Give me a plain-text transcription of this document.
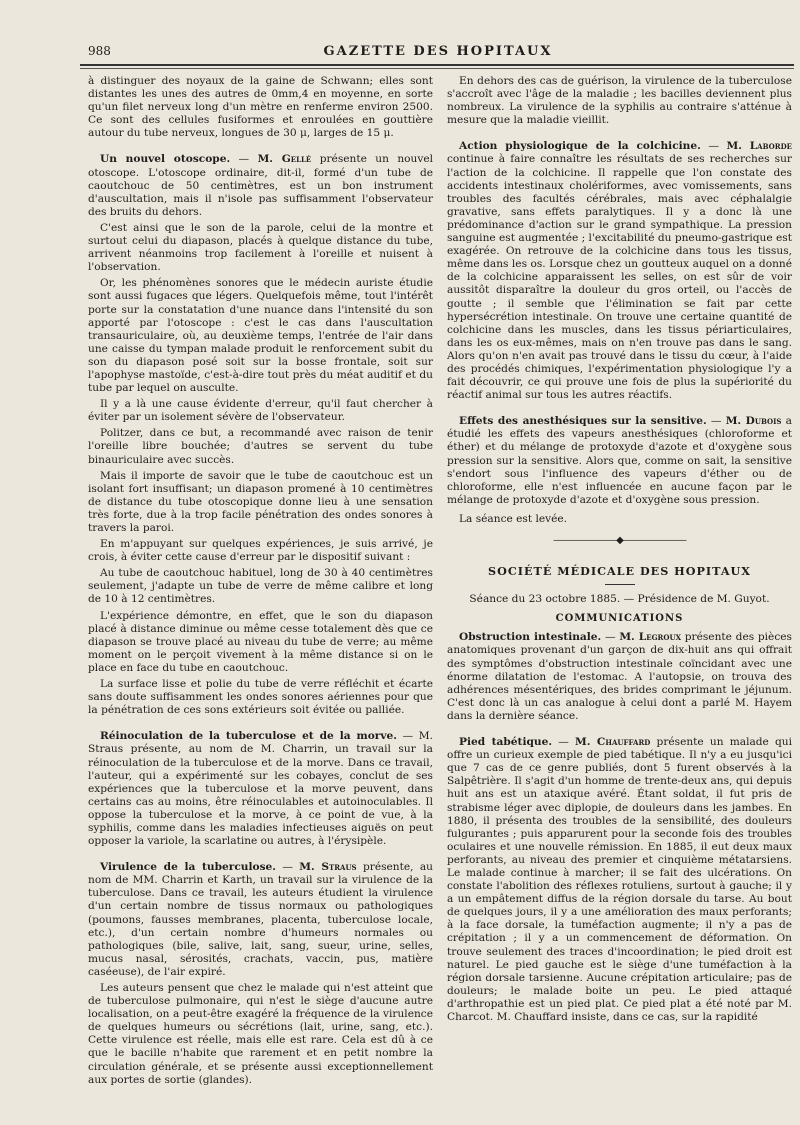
988	GAZETTE DES HOPITAUX

à distinguer des noyaux de la gaine de Schwann; elles sont distantes les unes des autres de 0mm,4 en moyenne, en sorte qu'un filet nerveux long d'un mètre en renferme environ 2500. Ce sont des cellules fusiformes et enroulées en gouttière autour du tube nerveux, longues de 30 μ, larges de 15 μ.

Un nouvel otoscope. — M. Gellé présente un nouvel otoscope. L'otoscope ordinaire, dit-il, formé d'un tube de caoutchouc de 50 centimètres, est un bon instrument d'auscultation, mais il n'isole pas suffisamment l'observateur des bruits du dehors.

C'est ainsi que le son de la parole, celui de la montre et surtout celui du diapason, placés à quelque distance du tube, arrivent néanmoins trop facilement à l'oreille et nuisent à l'observation.

Or, les phénomènes sonores que le médecin auriste étudie sont aussi fugaces que légers. Quelquefois même, tout l'intérêt porte sur la constatation d'une nuance dans l'intensité du son apporté par l'otoscope : c'est le cas dans l'auscultation transauriculaire, où, au deuxième temps, l'entrée de l'air dans une caisse du tympan malade produit le renforcement subit du son du diapason posé soit sur la bosse frontale, soit sur l'apophyse mastoïde, c'est-à-dire tout près du méat auditif et du tube par lequel on ausculte.

Il y a là une cause évidente d'erreur, qu'il faut chercher à éviter par un isolement sévère de l'observateur.

Politzer, dans ce but, a recommandé avec raison de tenir l'oreille libre bouchée; d'autres se servent du tube binauriculaire avec succès.

Mais il importe de savoir que le tube de caoutchouc est un isolant fort insuffisant; un diapason promené à 10 centimètres de distance du tube otoscopique donne lieu à une sensation très forte, due à la trop facile pénétration des ondes sonores à travers la paroi.

En m'appuyant sur quelques expériences, je suis arrivé, je crois, à éviter cette cause d'erreur par le dispositif suivant :

Au tube de caoutchouc habituel, long de 30 à 40 centimètres seulement, j'adapte un tube de verre de même calibre et long de 10 à 12 centimètres.

L'expérience démontre, en effet, que le son du diapason placé à distance diminue ou même cesse totalement dès que ce diapason se trouve placé au niveau du tube de verre; au même moment on le perçoit vivement à la même distance si on le place en face du tube en caoutchouc.

La surface lisse et polie du tube de verre réfléchit et écarte sans doute suffisamment les ondes sonores aériennes pour que la pénétration de ces sons extérieurs soit évitée ou palliée.

Réinoculation de la tuberculose et de la morve. — M. Straus présente, au nom de M. Charrin, un travail sur la réinoculation de la tuberculose et de la morve. Dans ce travail, l'auteur, qui a expérimenté sur les cobayes, conclut de ses expériences que la tuberculose et la morve peuvent, dans certains cas au moins, être réinoculables et autoinoculables. Il oppose la tuberculose et la morve, à ce point de vue, à la syphilis, comme dans les maladies infectieuses aiguës on peut opposer la variole, la scarlatine ou autres, à l'érysipèle.

Virulence de la tuberculose. — M. Straus présente, au nom de MM. Charrin et Karth, un travail sur la virulence de la tuberculose. Dans ce travail, les auteurs étudient la virulence d'un certain nombre de tissus normaux ou pathologiques (poumons, fausses membranes, placenta, tuberculose locale, etc.), d'un certain nombre d'humeurs normales ou pathologiques (bile, salive, lait, sang, sueur, urine, selles, mucus nasal, sérosités, crachats, vaccin, pus, matière caséeuse), de l'air expiré.

Les auteurs pensent que chez le malade qui n'est atteint que de tuberculose pulmonaire, qui n'est le siège d'aucune autre localisation, on a peut-être exagéré la fréquence de la virulence de quelques humeurs ou sécrétions (lait, urine, sang, etc.). Cette virulence est réelle, mais elle est rare. Cela est dû à ce que le bacille n'habite que rarement et en petit nombre la circulation générale, et se présente aussi exceptionnellement aux portes de sortie (glandes).

En dehors des cas de guérison, la virulence de la tuberculose s'accroît avec l'âge de la maladie ; les bacilles deviennent plus nombreux. La virulence de la syphilis au contraire s'atténue à mesure que la maladie vieillit.

Action physiologique de la colchicine. — M. Laborde continue à faire connaître les résultats de ses recherches sur l'action de la colchicine. Il rappelle que l'on constate des accidents intestinaux cholériformes, avec vomissements, sans troubles des facultés cérébrales, mais avec céphalalgie gravative, sans effets paralytiques. Il y a donc là une prédominance d'action sur le grand sympathique. La pression sanguine est augmentée ; l'excitabilité du pneumo-gastrique est exagérée. On retrouve de la colchicine dans tous les tissus, même dans les os. Lorsque chez un goutteux auquel on a donné de la colchicine apparaissent les selles, on est sûr de voir aussitôt disparaître la douleur du gros orteil, ou l'accès de goutte ; il semble que l'élimination se fait par cette hypersécrétion intestinale. On trouve une certaine quantité de colchicine dans les muscles, dans les tissus périarticulaires, dans les os eux-mêmes, mais on n'en trouve pas dans le sang. Alors qu'on n'en avait pas trouvé dans le tissu du cœur, à l'aide des procédés chimiques, l'expérimentation physiologique l'y a fait découvrir, ce qui prouve une fois de plus la supériorité du réactif animal sur tous les autres réactifs.

Effets des anesthésiques sur la sensitive. — M. Dubois a étudié les effets des vapeurs anesthésiques (chloroforme et éther) et du mélange de protoxyde d'azote et d'oxygène sous pression sur la sensitive. Alors que, comme on sait, la sensitive s'endort sous l'influence des vapeurs d'éther ou de chloroforme, elle n'est influencée en aucune façon par le mélange de protoxyde d'azote et d'oxygène sous pression.

La séance est levée.

———————◆———————
SOCIÉTÉ MÉDICALE DES HOPITAUX
Séance du 23 octobre 1885. — Présidence de M. Guyot.
COMMUNICATIONS

Obstruction intestinale. — M. Legroux présente des pièces anatomiques provenant d'un garçon de dix-huit ans qui offrait des symptômes d'obstruction intestinale coïncidant avec une énorme dilatation de l'estomac. A l'autopsie, on trouva des adhérences mésentériques, des brides comprimant le jéjunum. C'est donc là un cas analogue à celui dont a parlé M. Hayem dans la dernière séance.

Pied tabétique. — M. Chauffard présente un malade qui offre un curieux exemple de pied tabétique. Il n'y a eu jusqu'ici que 7 cas de ce genre publiés, dont 5 furent observés à la Salpêtrière. Il s'agit d'un homme de trente-deux ans, qui depuis huit ans est un ataxique avéré. Étant soldat, il fut pris de strabisme léger avec diplopie, de douleurs dans les jambes. En 1880, il présenta des troubles de la sensibilité, des douleurs fulgurantes ; puis apparurent pour la seconde fois des troubles oculaires et une nouvelle rémission. En 1885, il eut deux maux perforants, au niveau des premier et cinquième métatarsiens. Le malade continue à marcher; il se fait des ulcérations. On constate l'abolition des réflexes rotuliens, surtout à gauche; il y a un empâtement diffus de la région dorsale du tarse. Au bout de quelques jours, il y a une amélioration des maux perforants; à la face dorsale, la tuméfaction augmente; il n'y a pas de crépitation ; il y a un commencement de déformation. On trouve seulement des traces d'incoordination; le pied droit est naturel. Le pied gauche est le siège d'une tuméfaction à la région dorsale tarsienne. Aucune crépitation articulaire; pas de douleurs; le malade boite un peu. Le pied attaqué d'arthropathie est un pied plat. Ce pied plat a été noté par M. Charcot. M. Chauffard insiste, dans ce cas, sur la rapidité
